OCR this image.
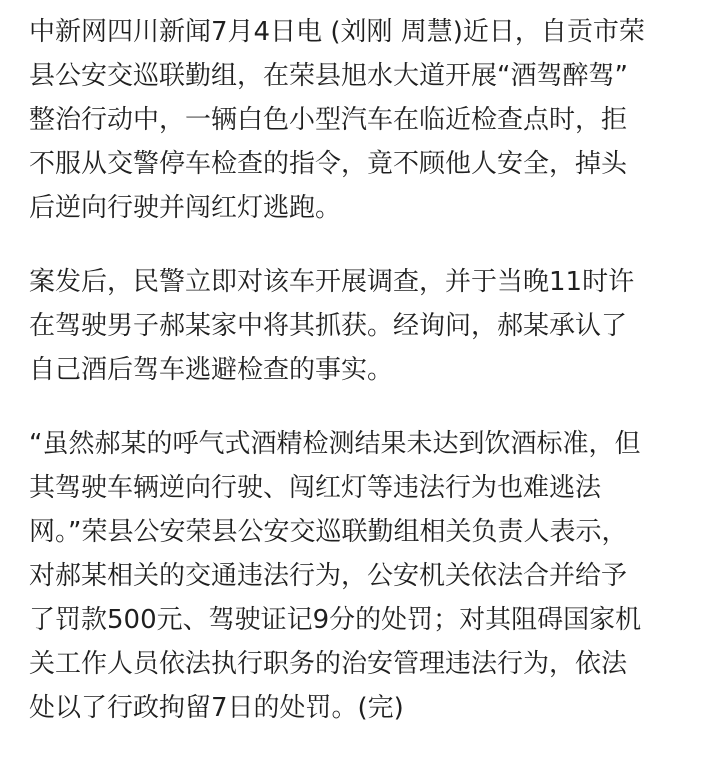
中新网四川新闻7月4日电 (刘刚 周慧)近日，自贡市荣
县公安交巡联勤组，在荣县旭水大道开展“酒驾醉驾”
整治行动中，一辆白色小型汽车在临近检查点时，拒
不服从交警停车检查的指令，竟不顾他人安全，掉头
后逆向行驶并闯红灯逃跑。
案发后，民警立即对该车开展调查，并于当晚11时许
在驾驶男子郝某家中将其抓获。经询问，郝某承认了
自己酒后驾车逃避检查的事实。
“虽然郝某的呼气式酒精检测结果未达到饮酒标准，但
其驾驶车辆逆向行驶、闯红灯等违法行为也难逃法
网。”荣县公安荣县公安交巡联勤组相关负责人表示，
对郝某相关的交通违法行为，公安机关依法合并给予
了罚款500元、驾驶证记9分的处罚；对其阻碍国家机
关工作人员依法执行职务的治安管理违法行为，依法
处以了行政拘留7日的处罚。(完)
